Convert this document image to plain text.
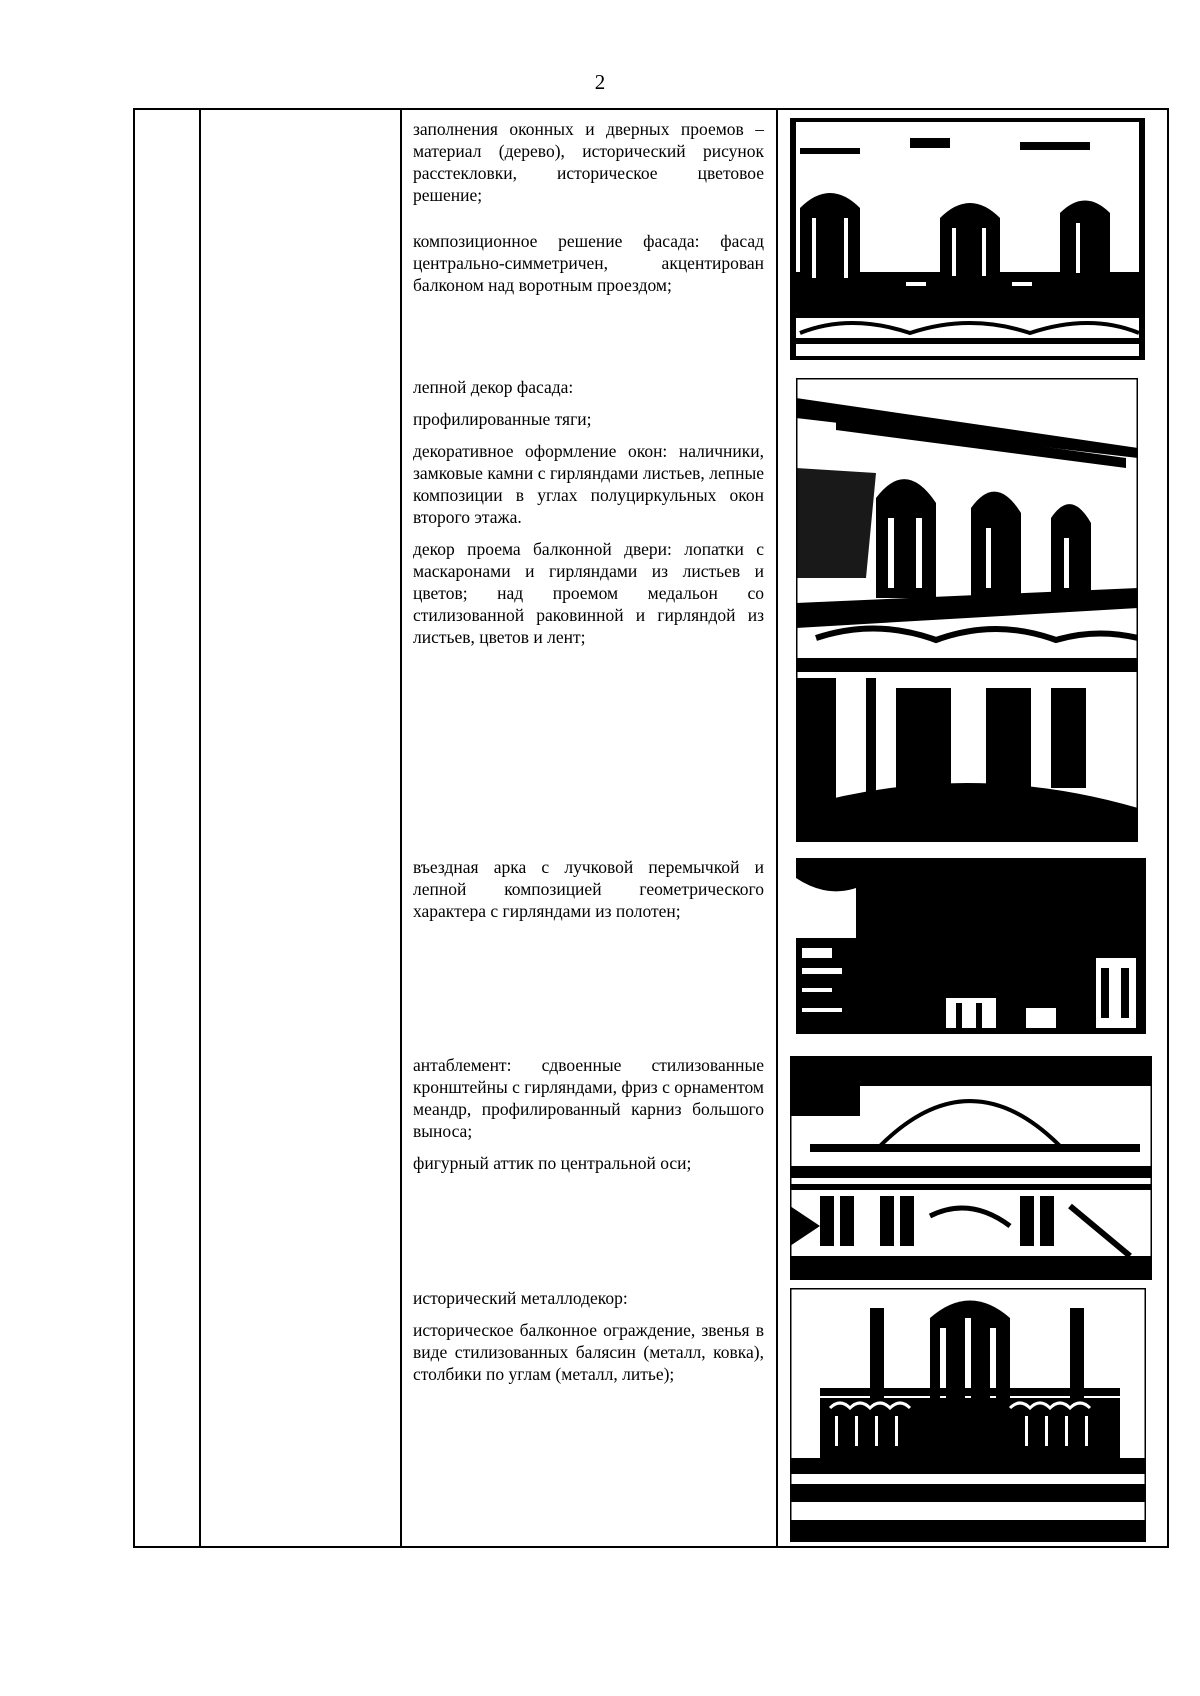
2

заполнения оконных и дверных проемов – материал (дерево), исторический рисунок расстекловки, историческое цветовое решение;

композиционное решение фасада: фасад центрально-симметричен, акцентирован балконом над воротным проездом;

лепной декор фасада:

профилированные тяги;

декоративное оформление окон: наличники, замковые камни с гирляндами листьев, лепные композиции в углах полуциркульных окон второго этажа.

декор проема балконной двери: лопатки с маскаронами и гирляндами из листьев и цветов; над проемом медальон со стилизованной раковинной и гирляндой из листьев, цветов и лент;

въездная арка с лучковой перемычкой и лепной композицией геометрического характера с гирляндами из полотен;

антаблемент: сдвоенные стилизованные кронштейны с гирляндами, фриз с орнаментом меандр, профилированный карниз большого выноса;

фигурный аттик по центральной оси;

исторический металлодекор:

историческое балконное ограждение, звенья в виде стилизованных балясин (металл, ковка), столбики по углам (металл, литье);
